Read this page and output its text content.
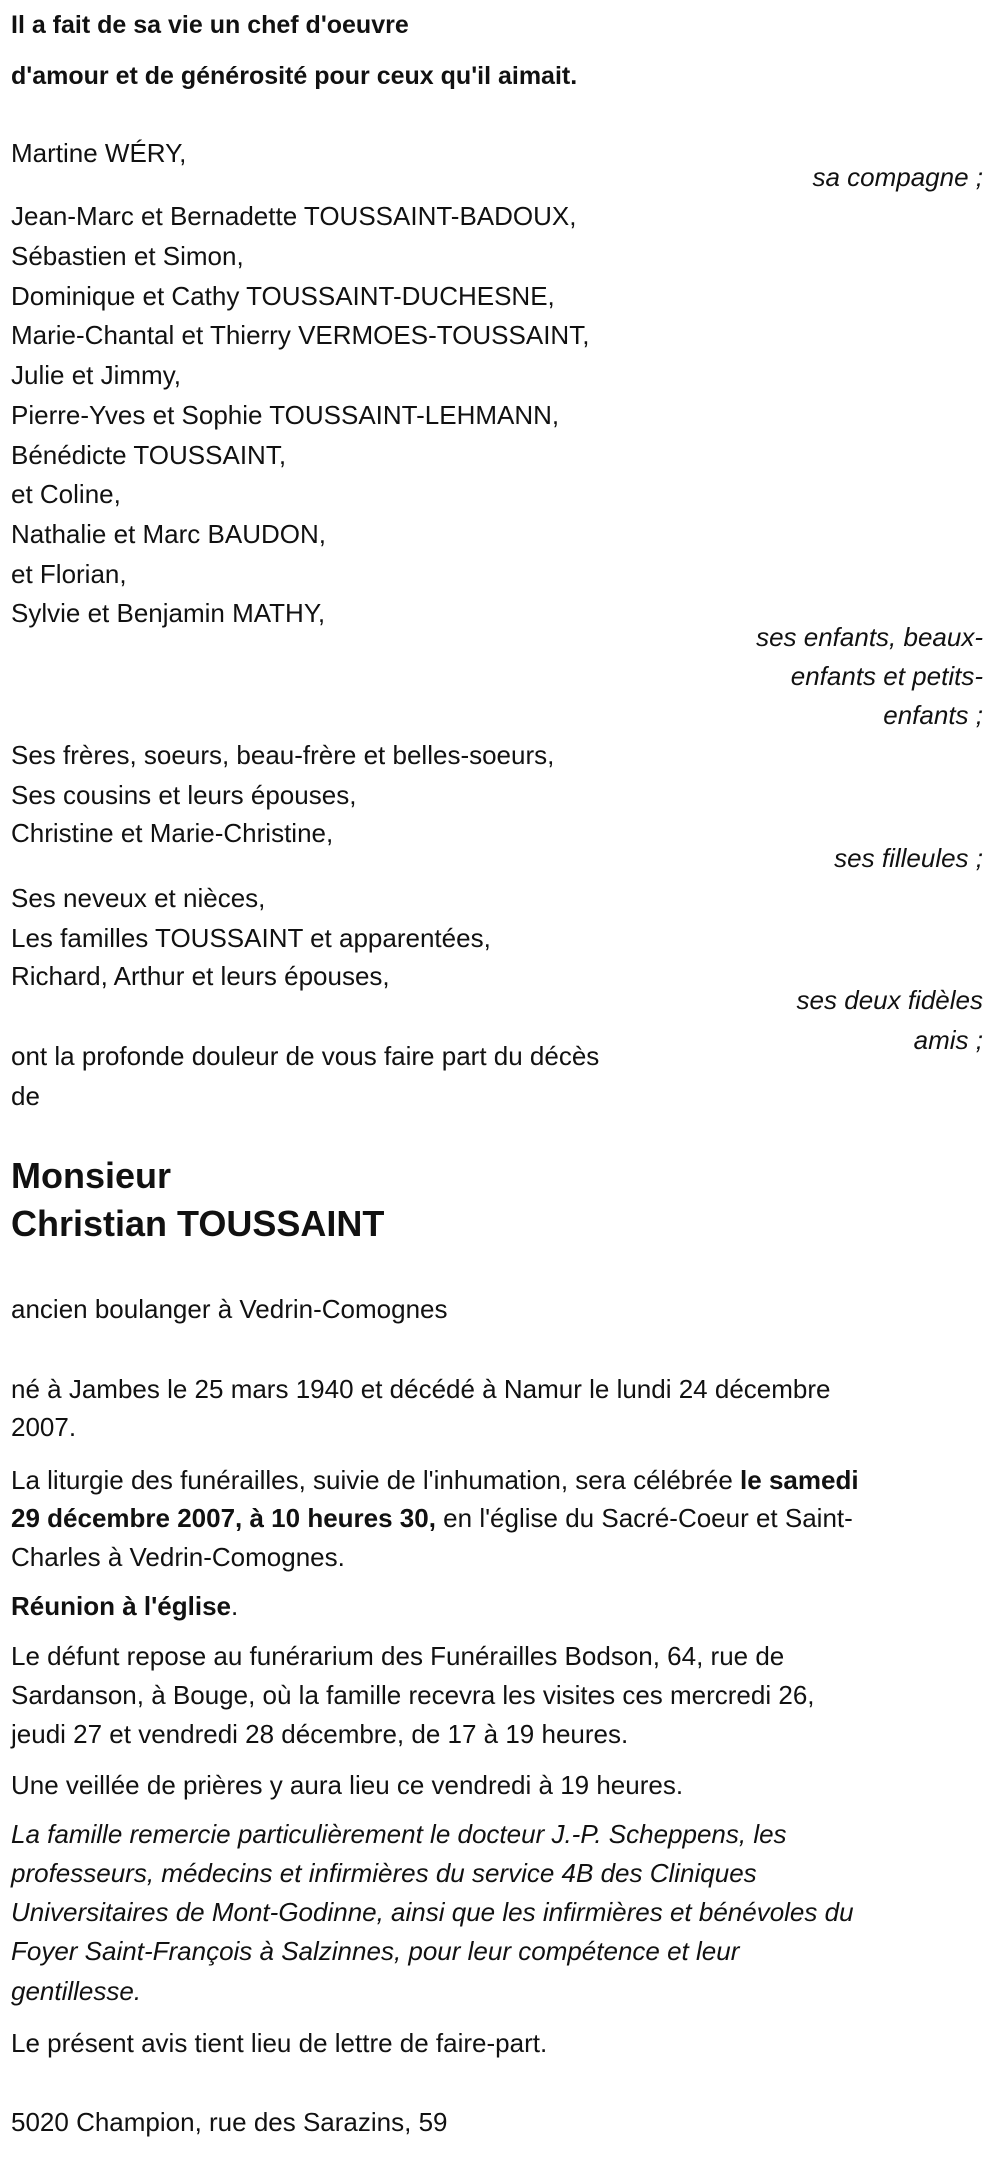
Il a fait de sa vie un chef d'oeuvre
d'amour et de générosité pour ceux qu'il aimait.
Martine WÉRY,
sa compagne ;
Jean-Marc et Bernadette TOUSSAINT-BADOUX,
Sébastien et Simon,
Dominique et Cathy TOUSSAINT-DUCHESNE,
Marie-Chantal et Thierry VERMOES-TOUSSAINT,
Julie et Jimmy,
Pierre-Yves et Sophie TOUSSAINT-LEHMANN,
Bénédicte TOUSSAINT,
et Coline,
Nathalie et Marc BAUDON,
et Florian,
Sylvie et Benjamin MATHY,
ses enfants, beaux-
enfants et petits-
enfants ;
Ses frères, soeurs, beau-frère et belles-soeurs,
Ses cousins et leurs épouses,
Christine et Marie-Christine,
ses filleules ;
Ses neveux et nièces,
Les familles TOUSSAINT et apparentées,
Richard, Arthur et leurs épouses,
ses deux fidèles
amis ;
ont la profonde douleur de vous faire part du décès
de
Monsieur
Christian TOUSSAINT
ancien boulanger à Vedrin-Comognes
né à Jambes le 25 mars 1940 et décédé à Namur le lundi 24 décembre
2007.
La liturgie des funérailles, suivie de l'inhumation, sera célébrée le samedi
29 décembre 2007, à 10 heures 30, en l'église du Sacré-Coeur et Saint-
Charles à Vedrin-Comognes.
Réunion à l'église.
Le défunt repose au funérarium des Funérailles Bodson, 64, rue de
Sardanson, à Bouge, où la famille recevra les visites ces mercredi 26,
jeudi 27 et vendredi 28 décembre, de 17 à 19 heures.
Une veillée de prières y aura lieu ce vendredi à 19 heures.
La famille remercie particulièrement le docteur J.-P. Scheppens, les
professeurs, médecins et infirmières du service 4B des Cliniques
Universitaires de Mont-Godinne, ainsi que les infirmières et bénévoles du
Foyer Saint-François à Salzinnes, pour leur compétence et leur
gentillesse.
Le présent avis tient lieu de lettre de faire-part.
5020 Champion, rue des Sarazins, 59
